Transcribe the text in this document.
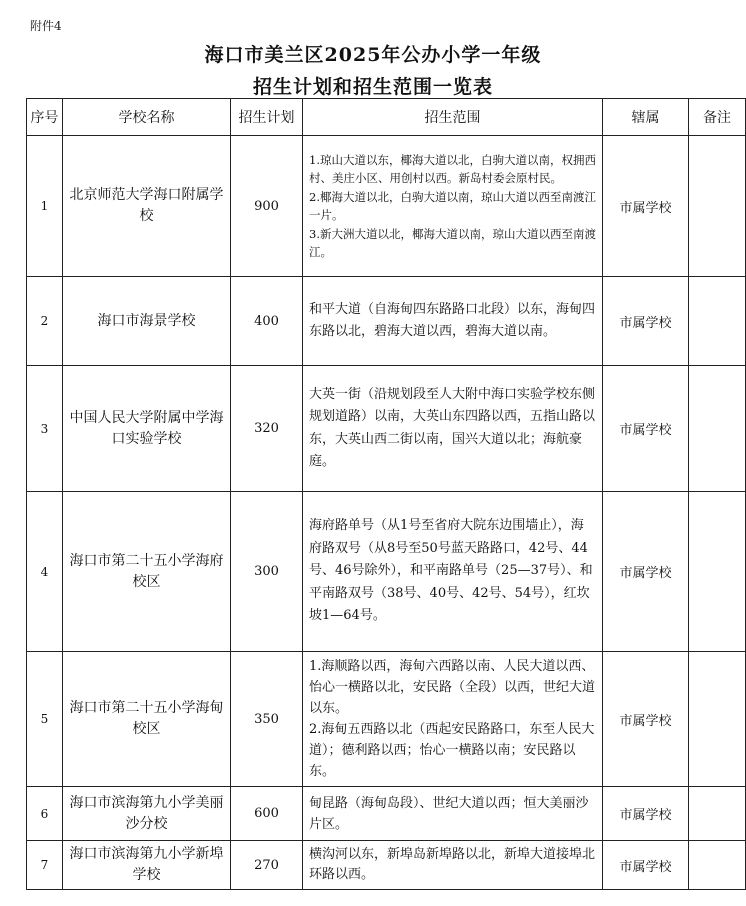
附件4
海口市美兰区2025年公办小学一年级
招生计划和招生范围一览表
序号	学校名称	招生计划	招生范围	辖属	备注
1	北京师范大学海口附属学校	900	1.琼山大道以东，椰海大道以北，白驹大道以南，权拥西村、美庄小区、用创村以西。新岛村委会原村民。
2.椰海大道以北，白驹大道以南，琼山大道以西至南渡江一片。
3.新大洲大道以北，椰海大道以南，琼山大道以西至南渡江。	市属学校	
2	海口市海景学校	400	和平大道（自海甸四东路路口北段）以东，海甸四东路以北，碧海大道以西，碧海大道以南。	市属学校	
3	中国人民大学附属中学海口实验学校	320	大英一街（沿规划段至人大附中海口实验学校东侧规划道路）以南，大英山东四路以西，五指山路以东，大英山西二街以南，国兴大道以北；海航豪庭。	市属学校	
4	海口市第二十五小学海府校区	300	海府路单号（从1号至省府大院东边围墙止），海府路双号（从8号至50号蓝天路路口，42号、44号、46号除外），和平南路单号（25—37号）、和平南路双号（38号、40号、42号、54号），红坎坡1—64号。	市属学校	
5	海口市第二十五小学海甸校区	350	1.海顺路以西，海甸六西路以南、人民大道以西、怡心一横路以北，安民路（全段）以西，世纪大道以东。
2.海甸五西路以北（西起安民路路口，东至人民大道）；德利路以西；怡心一横路以南；安民路以东。	市属学校	
6	海口市滨海第九小学美丽沙分校	600	甸昆路（海甸岛段）、世纪大道以西；恒大美丽沙片区。	市属学校	
7	海口市滨海第九小学新埠学校	270	横沟河以东，新埠岛新埠路以北，新埠大道接埠北环路以西。	市属学校	
